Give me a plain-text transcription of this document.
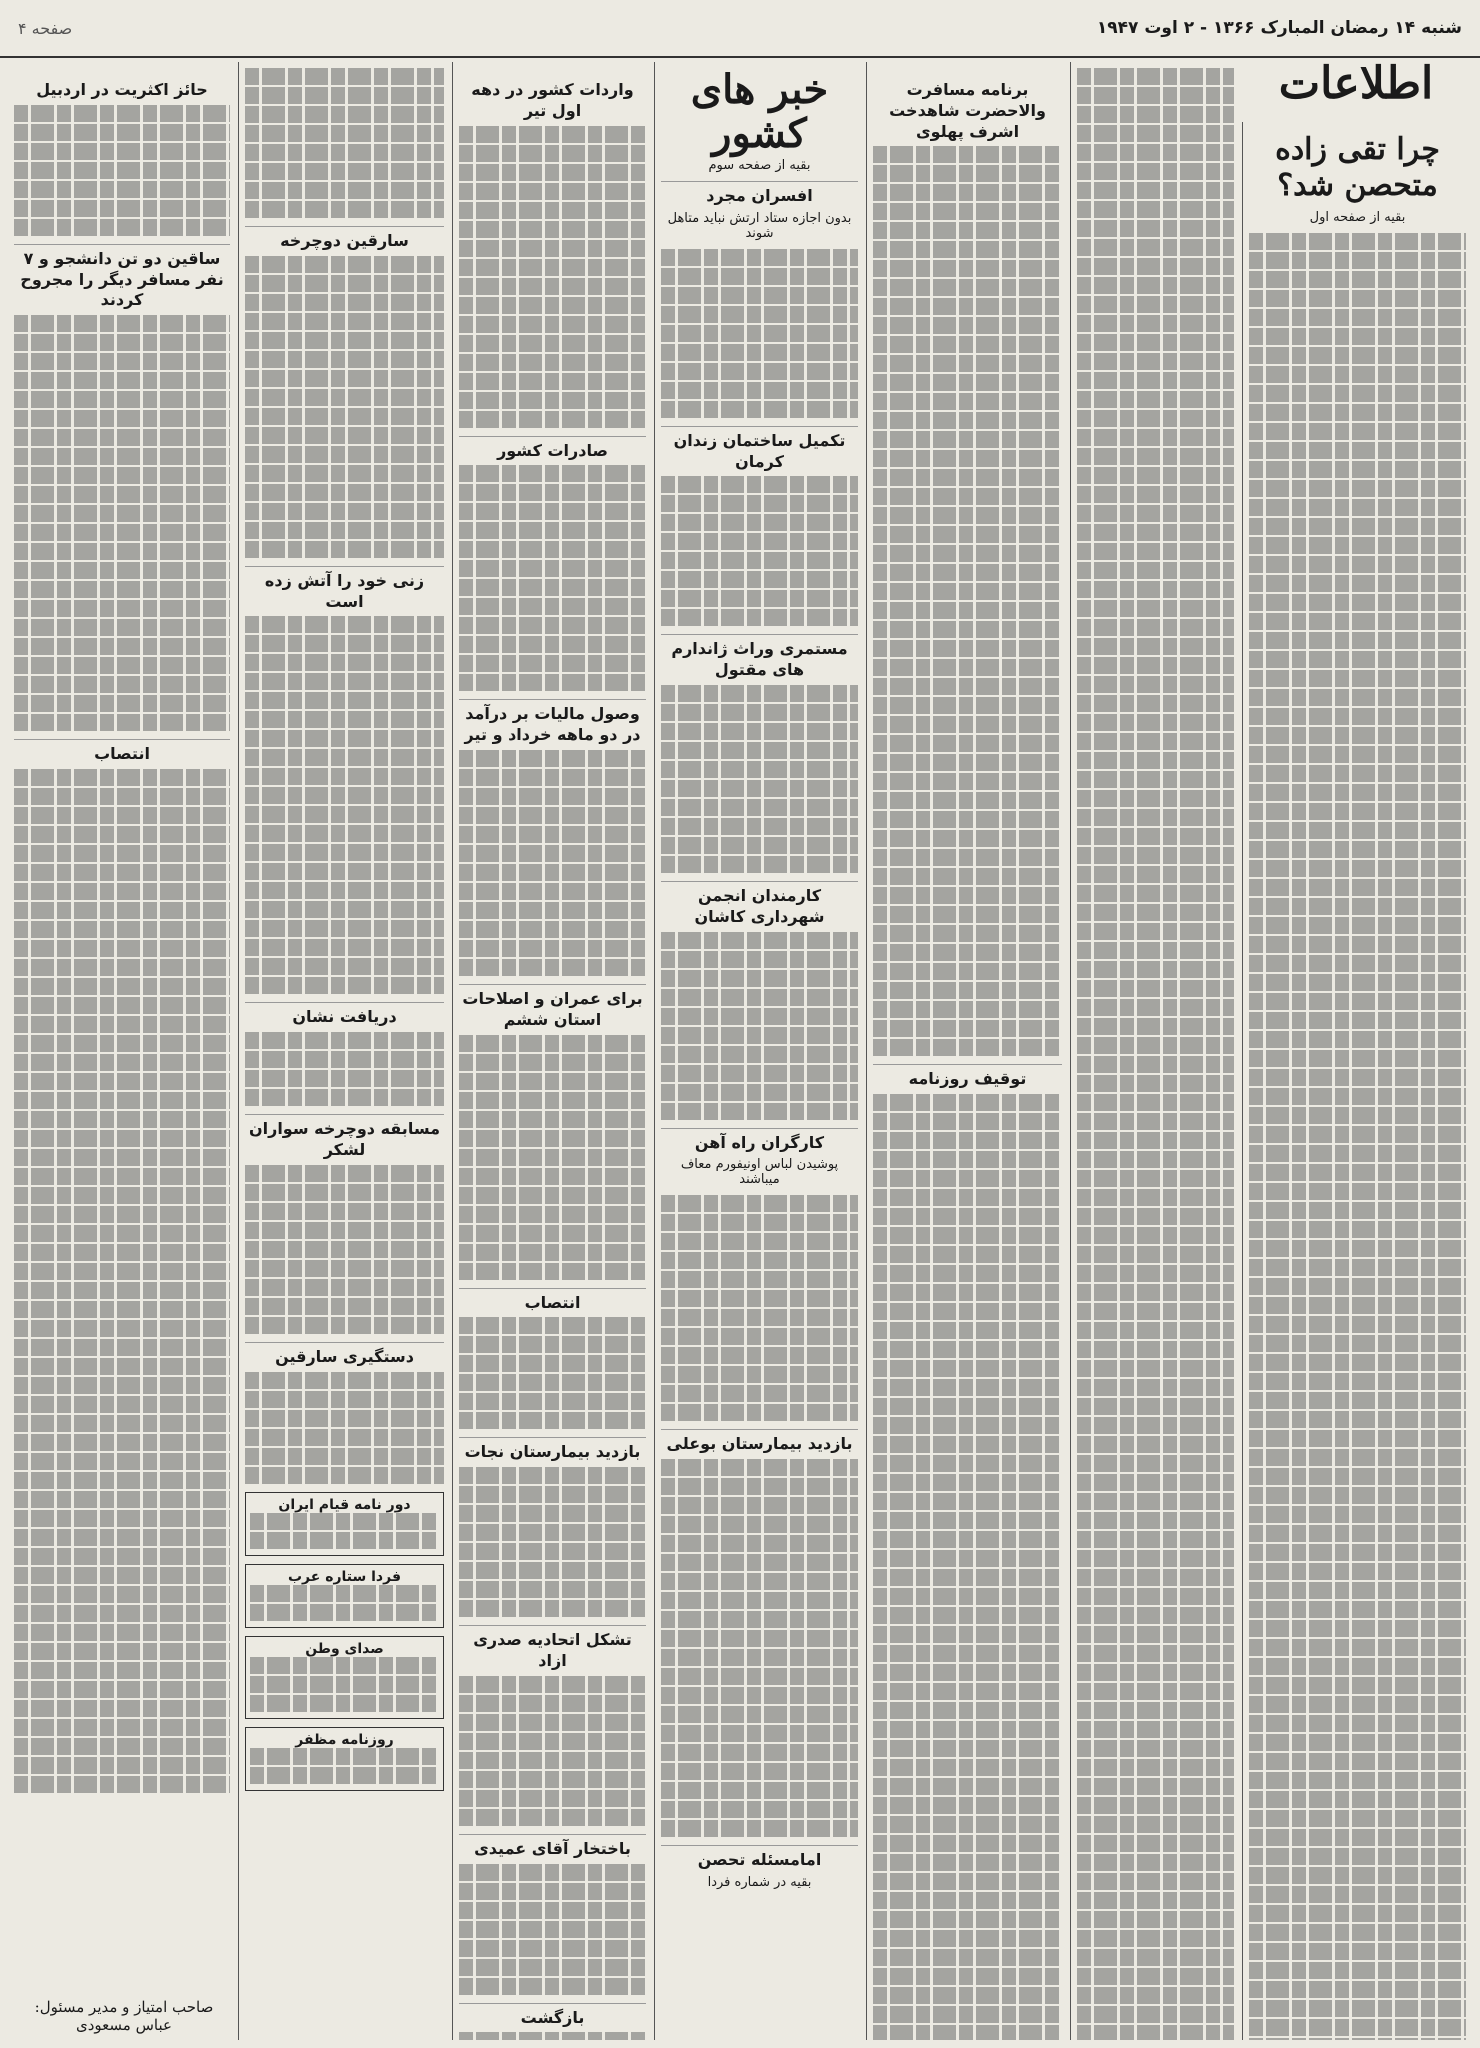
شنبه ۱۴ رمضان المبارک ۱۳۶۶ - ۲ اوت ۱۹۴۷
صفحه ۴
اطلاعات
چرا تقی زاده متحصن شد؟
بقیه از صفحه اول
برنامه مسافرت والاحضرت شاهدخت اشرف پهلوی
توقیف روزنامه
خبر های کشور
بقیه از صفحه سوم
افسران مجرد
بدون اجازه ستاد ارتش نباید متاهل شوند
تکمیل ساختمان زندان کرمان
مستمری وراث ژاندارم های مقتول
کارمندان انجمن شهرداری کاشان
کارگران راه آهن
پوشیدن لباس اونیفورم معاف میباشند
بازدید بیمارستان بوعلی
امامسئله تحصن
بقیه در شماره فردا
واردات کشور در دهه اول تیر
صادرات کشور
وصول مالیات بر درآمد در دو ماهه خرداد و تیر
برای عمران و اصلاحات استان ششم
انتصاب
بازدید بیمارستان نجات
تشکل اتحادیه صدری ازاد
باختخار آقای عمیدی
بازگشت
سارقین دوچرخه
زنی خود را آتش زده است
دریافت نشان
مسابقه دوچرخه سواران لشکر
دستگیری سارقین
دور نامه قیام ایران
فردا ستاره عرب
صدای وطن
روزنامه مظفر
حائز اکثریت در اردبیل
ساقین دو تن دانشجو و ۷ نفر مسافر دیگر را مجروح کردند
انتصاب
صاحب امتیاز و مدیر مسئول: عباس مسعودی
